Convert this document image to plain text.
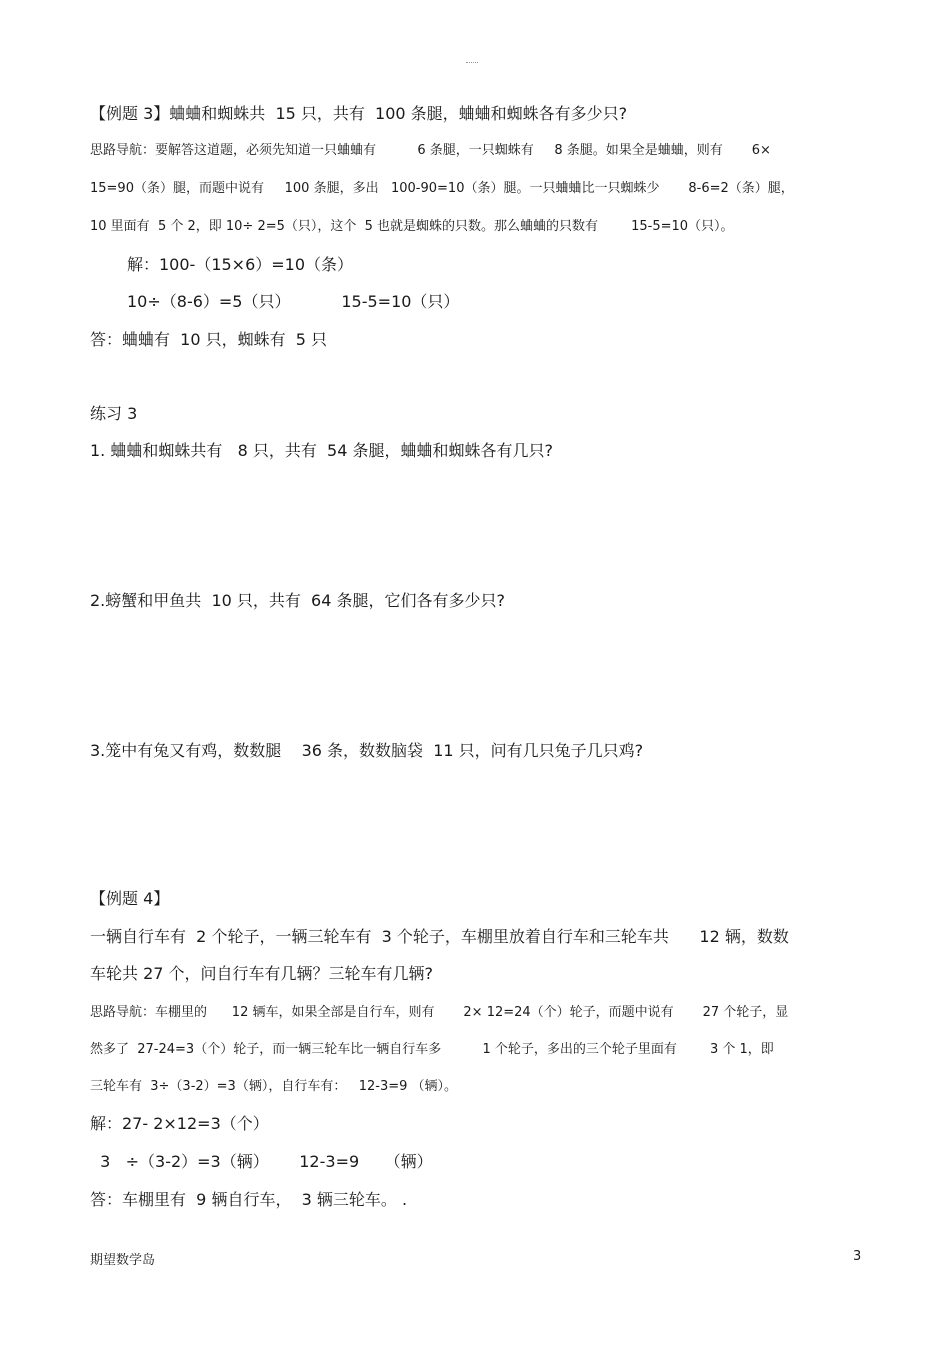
【例题 3】蛐蛐和蜘蛛共  15 只，共有  100 条腿，蛐蛐和蜘蛛各有多少只?
思路导航：要解答这道题，必须先知道一只蛐蛐有          6 条腿，一只蜘蛛有     8 条腿。如果全是蛐蛐，则有       6×
15=90（条）腿，而题中说有     100 条腿，多出   100-90=10（条）腿。一只蛐蛐比一只蜘蛛少       8-6=2（条）腿，
10 里面有  5 个 2，即 10÷ 2=5（只），这个  5 也就是蜘蛛的只数。那么蛐蛐的只数有        15-5=10（只）。
解：100-（15×6）=10（条）
10÷（8-6）=5（只）          15-5=10（只）
答：蛐蛐有  10 只，蜘蛛有  5 只
练习 3
1. 蛐蛐和蜘蛛共有   8 只，共有  54 条腿，蛐蛐和蜘蛛各有几只?
2.螃蟹和甲鱼共  10 只，共有  64 条腿，它们各有多少只?
3.笼中有兔又有鸡，数数腿    36 条，数数脑袋  11 只，问有几只兔子几只鸡?
【例题 4】
一辆自行车有  2 个轮子，一辆三轮车有  3 个轮子，车棚里放着自行车和三轮车共      12 辆，数数
车轮共 27 个，问自行车有几辆？三轮车有几辆?
思路导航：车棚里的      12 辆车，如果全部是自行车，则有       2× 12=24（个）轮子，而题中说有       27 个轮子，显
然多了  27-24=3（个）轮子，而一辆三轮车比一辆自行车多          1 个轮子，多出的三个轮子里面有        3 个 1，即
三轮车有  3÷（3-2）=3（辆），自行车有：   12-3=9 （辆）。
解：27- 2×12=3（个）
3   ÷（3-2）=3（辆）      12-3=9     （辆）
答：车棚里有  9 辆自行车，  3 辆三轮车。 .
期望数学岛	3
